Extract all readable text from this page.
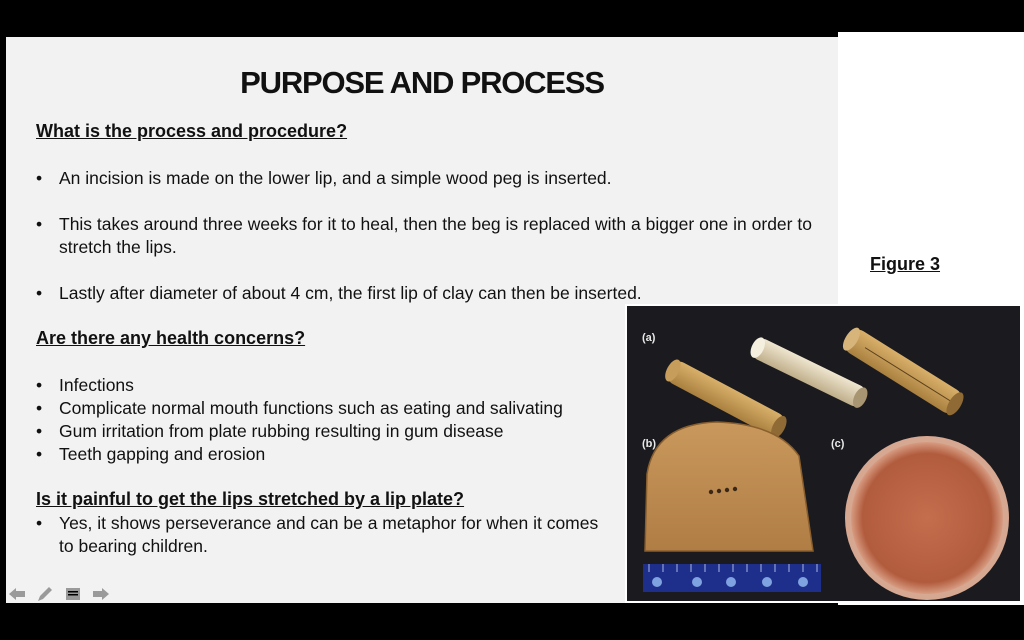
PURPOSE AND PROCESS
What is the process and procedure?
• An incision is made on the lower lip, and a simple wood peg is inserted.
• This takes around three weeks for it to heal, then the beg is replaced with a bigger one in order to stretch the lips.
• Lastly after diameter of about 4 cm, the first lip of clay can then be inserted.
Are there any health concerns?
• Infections
• Complicate normal mouth functions such as eating and salivating
• Gum irritation from plate rubbing resulting in gum disease
• Teeth gapping and erosion
Is it painful to get the lips stretched by a lip plate?
• Yes, it shows perseverance and can be a metaphor for when it comes to bearing children.
Figure 3
(a)
(b)	(c)
